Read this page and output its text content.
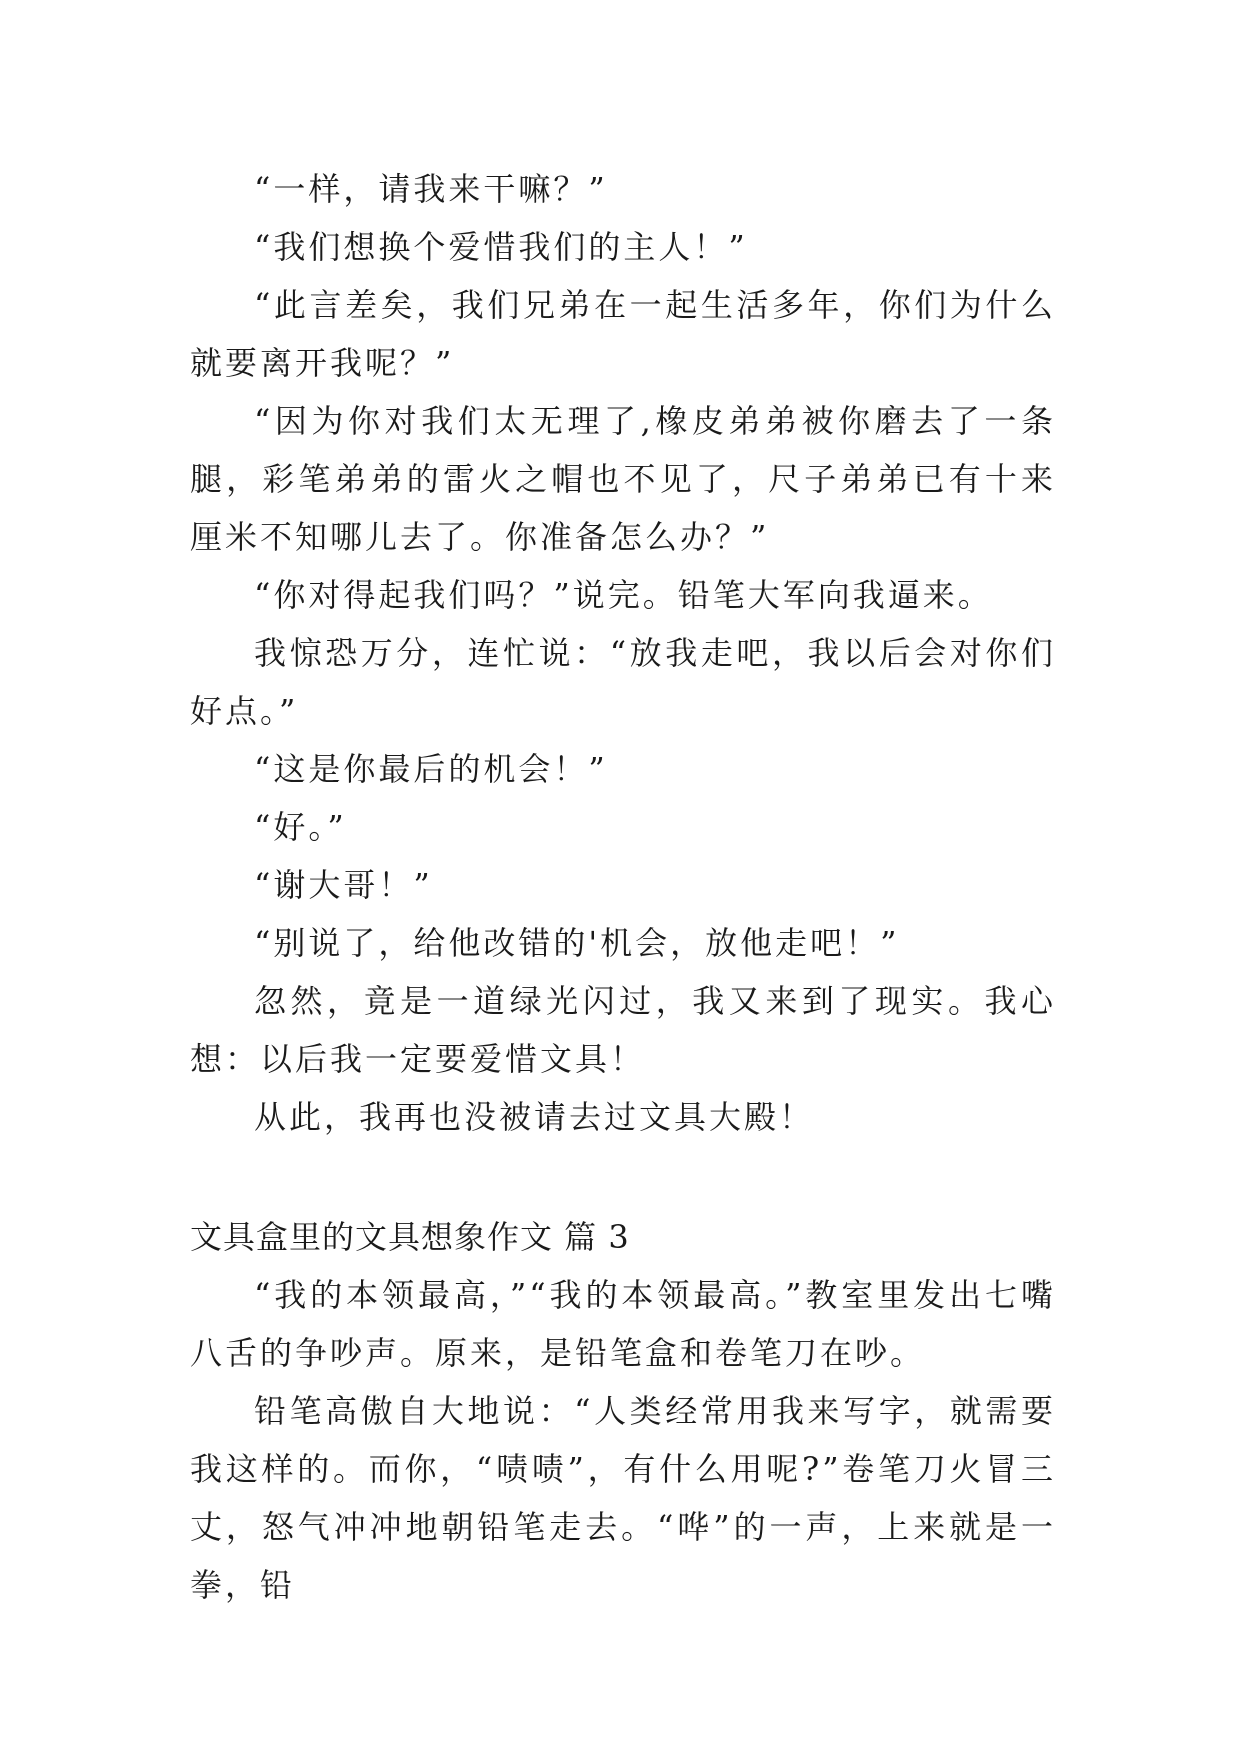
“一样，请我来干嘛？”

“我们想换个爱惜我们的主人！”

“此言差矣，我们兄弟在一起生活多年，你们为什么就要离开我呢？”

“因为你对我们太无理了,橡皮弟弟被你磨去了一条腿，彩笔弟弟的雷火之帽也不见了，尺子弟弟已有十来厘米不知哪儿去了。你准备怎么办？”

“你对得起我们吗？”说完。铅笔大军向我逼来。

我惊恐万分，连忙说：“放我走吧，我以后会对你们好点。”

“这是你最后的机会！”

“好。”

“谢大哥！”

“别说了，给他改错的'机会，放他走吧！”

忽然，竟是一道绿光闪过，我又来到了现实。我心想：以后我一定要爱惜文具！

从此，我再也没被请去过文具大殿！

文具盒里的文具想象作文 篇 3

“我的本领最高，”“我的本领最高。”教室里发出七嘴八舌的争吵声。原来，是铅笔盒和卷笔刀在吵。

铅笔高傲自大地说：“人类经常用我来写字，就需要我这样的。而你，“啧啧”，有什么用呢?”卷笔刀火冒三丈，怒气冲冲地朝铅笔走去。“哗”的一声，上来就是一拳，铅
